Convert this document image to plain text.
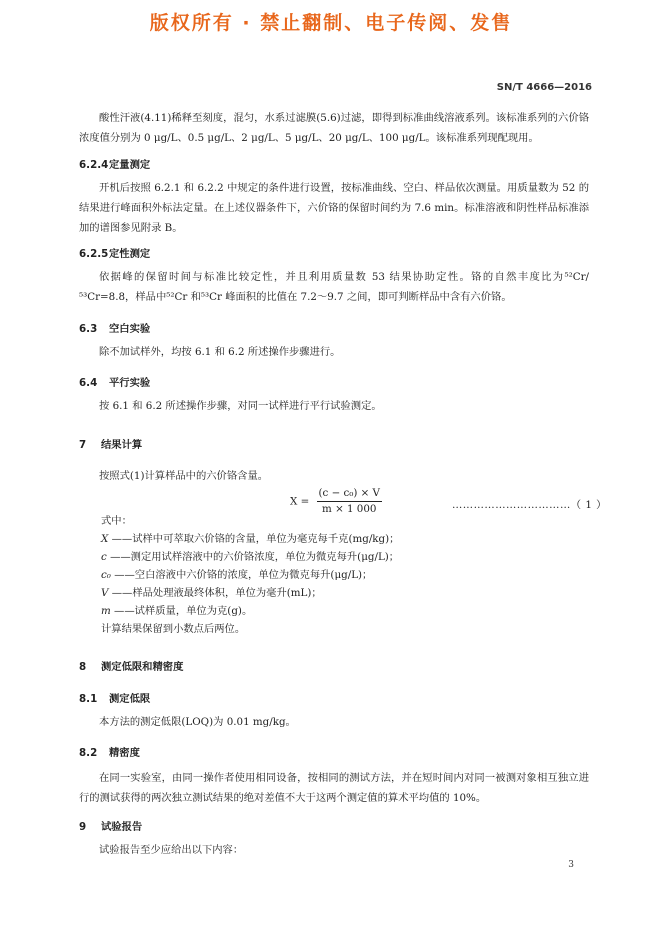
版权所有 · 禁止翻制、电子传阅、发售
SN/T 4666—2016
酸性汗液(4.11)稀释至刻度，混匀，水系过滤膜(5.6)过滤，即得到标准曲线溶液系列。该标准系列的六价铬浓度值分别为 0 μg/L、0.5 μg/L、2 μg/L、5 μg/L、20 μg/L、100 μg/L。该标准系列现配现用。
6.2.4定量测定
开机后按照 6.2.1 和 6.2.2 中规定的条件进行设置，按标准曲线、空白、样品依次测量。用质量数为 52 的结果进行峰面积外标法定量。在上述仪器条件下，六价铬的保留时间约为 7.6 min。标准溶液和阴性样品标准添加的谱图参见附录 B。
6.2.5定性测定
依据峰的保留时间与标准比较定性，并且利用质量数 53 结果协助定性。铬的自然丰度比为⁵²Cr/⁵³Cr=8.8，样品中⁵²Cr 和⁵³Cr 峰面积的比值在 7.2～9.7 之间，即可判断样品中含有六价铬。
6.3 空白实验
除不加试样外，均按 6.1 和 6.2 所述操作步骤进行。
6.4 平行实验
按 6.1 和 6.2 所述操作步骤，对同一试样进行平行试验测定。
7 结果计算
按照式(1)计算样品中的六价铬含量。
$X = \frac{\text{(c − c₀) × V}}{m \times 1 000}$	……………………………（ 1 ）
式中：
X ——试样中可萃取六价铬的含量，单位为毫克每千克(mg/kg)；
c ——测定用试样溶液中的六价铬浓度，单位为微克每升(μg/L)；
c₀ ——空白溶液中六价铬的浓度，单位为微克每升(μg/L)；
V ——样品处理液最终体积，单位为毫升(mL)；
m ——试样质量，单位为克(g)。
计算结果保留到小数点后两位。
8 测定低限和精密度
8.1 测定低限
本方法的测定低限(LOQ)为 0.01 mg/kg。
8.2 精密度
在同一实验室，由同一操作者使用相同设备，按相同的测试方法，并在短时间内对同一被测对象相互独立进行的测试获得的两次独立测试结果的绝对差值不大于这两个测定值的算术平均值的 10%。
9 试验报告
试验报告至少应给出以下内容：
3
